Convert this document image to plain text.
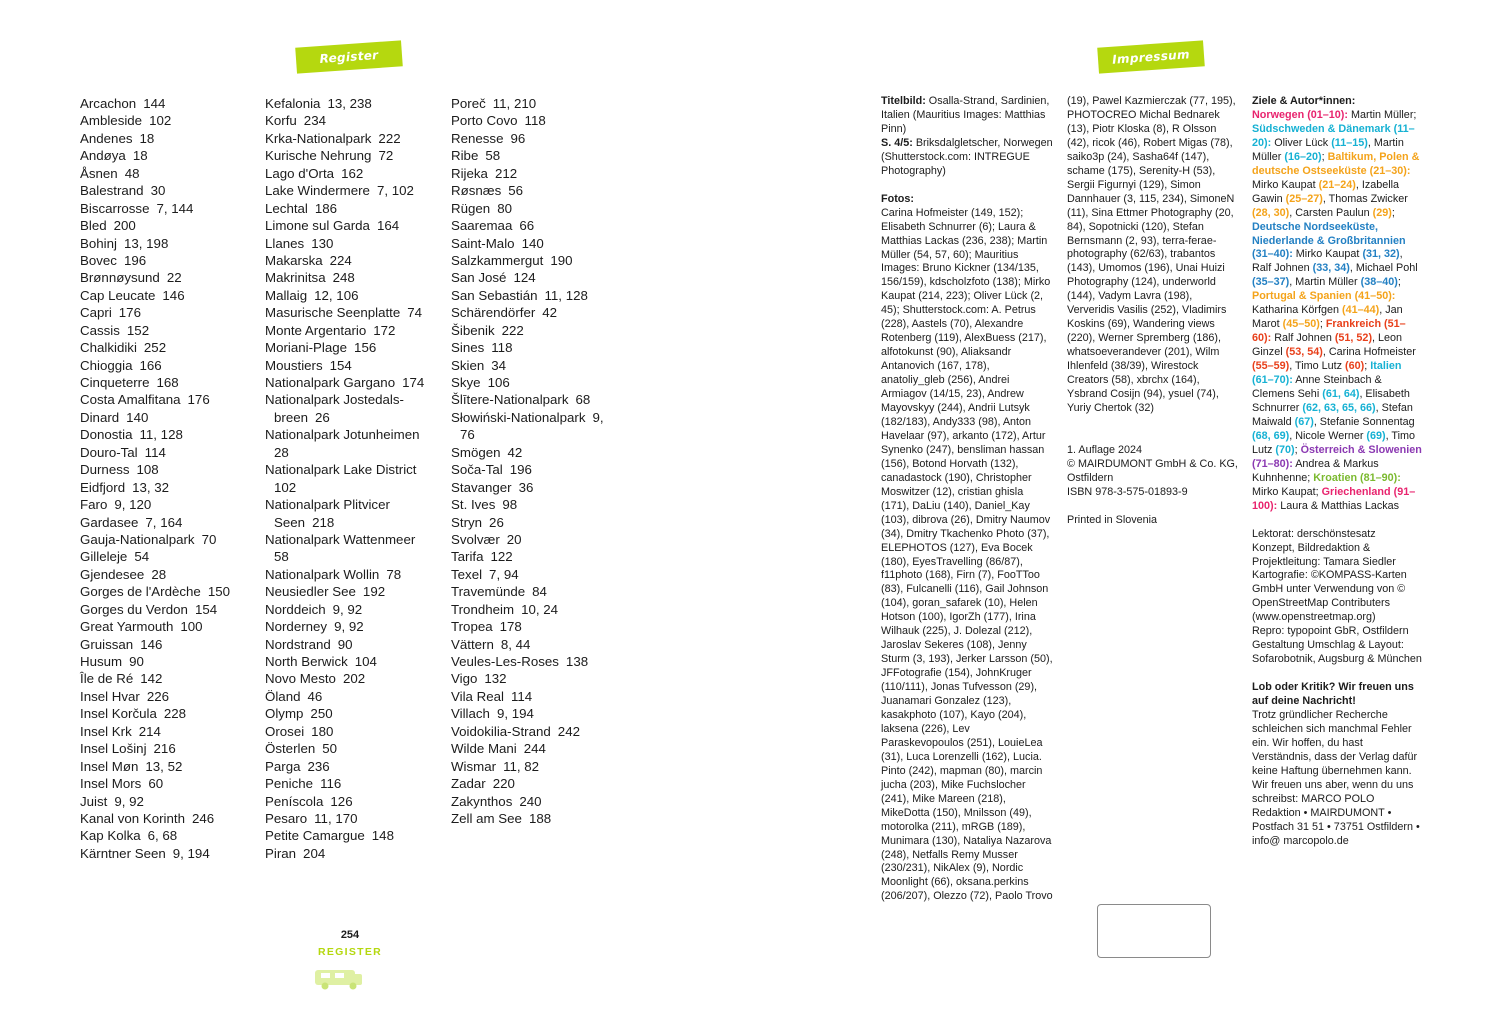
Register	Impressum
Arcachon 144
Ambleside 102
Andenes 18
Andøya 18
Åsnen 48
Balestrand 30
Biscarrosse 7, 144
Bled 200
Bohinj 13, 198
Bovec 196
Brønnøysund 22
Cap Leucate 146
Capri 176
Cassis 152
Chalkidiki 252
Chioggia 166
Cinqueterre 168
Costa Amalfitana 176
Dinard 140
Donostia 11, 128
Douro-Tal 114
Durness 108
Eidfjord 13, 32
Faro 9, 120
Gardasee 7, 164
Gauja-Nationalpark 70
Gilleleje 54
Gjendesee 28
Gorges de l'Ardèche 150
Gorges du Verdon 154
Great Yarmouth 100
Gruissan 146
Husum 90
Île de Ré 142
Insel Hvar 226
Insel Korčula 228
Insel Krk 214
Insel Lošinj 216
Insel Møn 13, 52
Insel Mors 60
Juist 9, 92
Kanal von Korinth 246
Kap Kolka 6, 68
Kärntner Seen 9, 194
Kefalonia 13, 238
Korfu 234
Krka-Nationalpark 222
Kurische Nehrung 72
Lago d'Orta 162
Lake Windermere 7, 102
Lechtal 186
Limone sul Garda 164
Llanes 130
Makarska 224
Makrinitsa 248
Mallaig 12, 106
Masurische Seenplatte 74
Monte Argentario 172
Moriani-Plage 156
Moustiers 154
Nationalpark Gargano 174
Nationalpark Jostedals-
breen 26
Nationalpark Jotunheimen
28
Nationalpark Lake District
102
Nationalpark Plitvicer
Seen 218
Nationalpark Wattenmeer
58
Nationalpark Wollin 78
Neusiedler See 192
Norddeich 9, 92
Norderney 9, 92
Nordstrand 90
North Berwick 104
Novo Mesto 202
Öland 46
Olymp 250
Orosei 180
Österlen 50
Parga 236
Peniche 116
Peníscola 126
Pesaro 11, 170
Petite Camargue 148
Piran 204
Poreč 11, 210
Porto Covo 118
Renesse 96
Ribe 58
Rijeka 212
Røsnæs 56
Rügen 80
Saaremaa 66
Saint-Malo 140
Salzkammergut 190
San José 124
San Sebastián 11, 128
Schärendörfer 42
Šibenik 222
Sines 118
Skien 34
Skye 106
Šlītere-Nationalpark 68
Słowiński-Nationalpark 9,
76
Smögen 42
Soča-Tal 196
Stavanger 36
St. Ives 98
Stryn 26
Svolvær 20
Tarifa 122
Texel 7, 94
Travemünde 84
Trondheim 10, 24
Tropea 178
Vättern 8, 44
Veules-Les-Roses 138
Vigo 132
Vila Real 114
Villach 9, 194
Voidokilia-Strand 242
Wilde Mani 244
Wismar 11, 82
Zadar 220
Zakynthos 240
Zell am See 188

Titelbild: Osalla-Strand, Sardinien, Italien (Mauritius Images: Matthias Pinn)

S. 4/5: Briksdalgletscher, Norwegen (Shutterstock.com: INTREGUE Photography)

Fotos:

Carina Hofmeister (149, 152); Elisabeth Schnurrer (6); Laura & Matthias Lackas (236, 238); Martin Müller (54, 57, 60); Mauritius Images: Bruno Kickner (134/135, 156/159), kdscholzfoto (138); Mirko Kaupat (214, 223); Oliver Lück (2, 45); Shutterstock.com: A. Petrus (228), Aastels (70), Alexandre Rotenberg (119), AlexBuess (217), alfotokunst (90), Aliaksandr Antanovich (167, 178), anatoliy_gleb (256), Andrei Armiagov (14/15, 23), Andrew Mayovskyy (244), Andrii Lutsyk (182/183), Andy333 (98), Anton Havelaar (97), arkanto (172), Artur Synenko (247), bensliman hassan (156), Botond Horvath (132), canadastock (190), Christopher Moswitzer (12), cristian ghisla (171), DaLiu (140), Daniel_Kay (103), dibrova (26), Dmitry Naumov (34), Dmitry Tkachenko Photo (37), ELEPHOTOS (127), Eva Bocek (180), EyesTravelling (86/87), f11photo (168), Firn (7), FooTToo (83), Fulcanelli (116), Gail Johnson (104), goran_safarek (10), Helen Hotson (100), IgorZh (177), Irina Wilhauk (225), J. Dolezal (212), Jaroslav Sekeres (108), Jenny Sturm (3, 193), Jerker Larsson (50), JFFotografie (154), JohnKruger (110/111), Jonas Tufvesson (29), Juanamari Gonzalez (123), kasakphoto (107), Kayo (204), laksena (226), Lev Paraskevopoulos (251), LouieLea (31), Luca Lorenzelli (162), Lucia. Pinto (242), mapman (80), marcin jucha (203), Mike Fuchslocher (241), Mike Mareen (218), MikeDotta (150), Mnilsson (49), motorolka (211), mRGB (189), Munimara (130), Nataliya Nazarova (248), Netfalls Remy Musser (230/231), NikAlex (9), Nordic Moonlight (66), oksana.perkins (206/207), Olezzo (72), Paolo Trovo

(19), Pawel Kazmierczak (77, 195), PHOTOCREO Michal Bednarek (13), Piotr Kloska (8), R Olsson (42), ricok (46), Robert Migas (78), saiko3p (24), Sasha64f (147), schame (175), Serenity-H (53), Sergii Figurnyi (129), Simon Dannhauer (3, 115, 234), SimoneN (11), Sina Ettmer Photography (20, 84), Sopotnicki (120), Stefan Bernsmann (2, 93), terra-ferae-photography (62/63), trabantos (143), Umomos (196), Unai Huizi Photography (124), underworld (144), Vadym Lavra (198), Ververidis Vasilis (252), Vladimirs Koskins (69), Wandering views (220), Werner Spremberg (186), whatsoeverandever (201), Wilm Ihlenfeld (38/39), Wirestock Creators (58), xbrchx (164), Ysbrand Cosijn (94), ysuel (74), Yuriy Chertok (32)

1. Auflage 2024

© MAIRDUMONT GmbH & Co. KG, Ostfildern

ISBN 978-3-575-01893-9

Printed in Slovenia

Ziele & Autor*innen:

Norwegen (01–10): Martin Müller; Südschweden & Dänemark (11–20): Oliver Lück (11–15), Martin Müller (16–20); Baltikum, Polen & deutsche Ostseeküste (21–30): Mirko Kaupat (21–24), Izabella Gawin (25–27), Thomas Zwicker (28, 30), Carsten Paulun (29); Deutsche Nordseeküste, Niederlande & Großbritannien (31–40): Mirko Kaupat (31, 32), Ralf Johnen (33, 34), Michael Pohl (35–37), Martin Müller (38–40); Portugal & Spanien (41–50): Katharina Körfgen (41–44), Jan Marot (45–50); Frankreich (51–60): Ralf Johnen (51, 52), Leon Ginzel (53, 54), Carina Hofmeister (55–59), Timo Lutz (60); Italien (61–70): Anne Steinbach & Clemens Sehi (61, 64), Elisabeth Schnurrer (62, 63, 65, 66), Stefan Maiwald (67), Stefanie Sonnentag (68, 69), Nicole Werner (69), Timo Lutz (70); Österreich & Slowenien (71–80): Andrea & Markus Kuhnhenne; Kroatien (81–90): Mirko Kaupat; Griechenland (91–100): Laura & Matthias Lackas

Lektorat: derschönstesatz

Konzept, Bildredaktion & Projektleitung: Tamara Siedler

Kartografie: ©KOMPASS-Karten GmbH unter Verwendung von © OpenStreetMap Contributers (www.openstreetmap.org)

Repro: typopoint GbR, Ostfildern

Gestaltung Umschlag & Layout: Sofarobotnik, Augsburg & München

Lob oder Kritik? Wir freuen uns auf deine Nachricht!

Trotz gründlicher Recherche schleichen sich manchmal Fehler ein. Wir hoffen, du hast Verständnis, dass der Verlag dafür keine Haftung übernehmen kann. Wir freuen uns aber, wenn du uns schreibst: MARCO POLO Redaktion • MAIRDUMONT • Postfach 31 51 • 73751 Ostfildern • info@ marcopolo.de

254
REGISTER
